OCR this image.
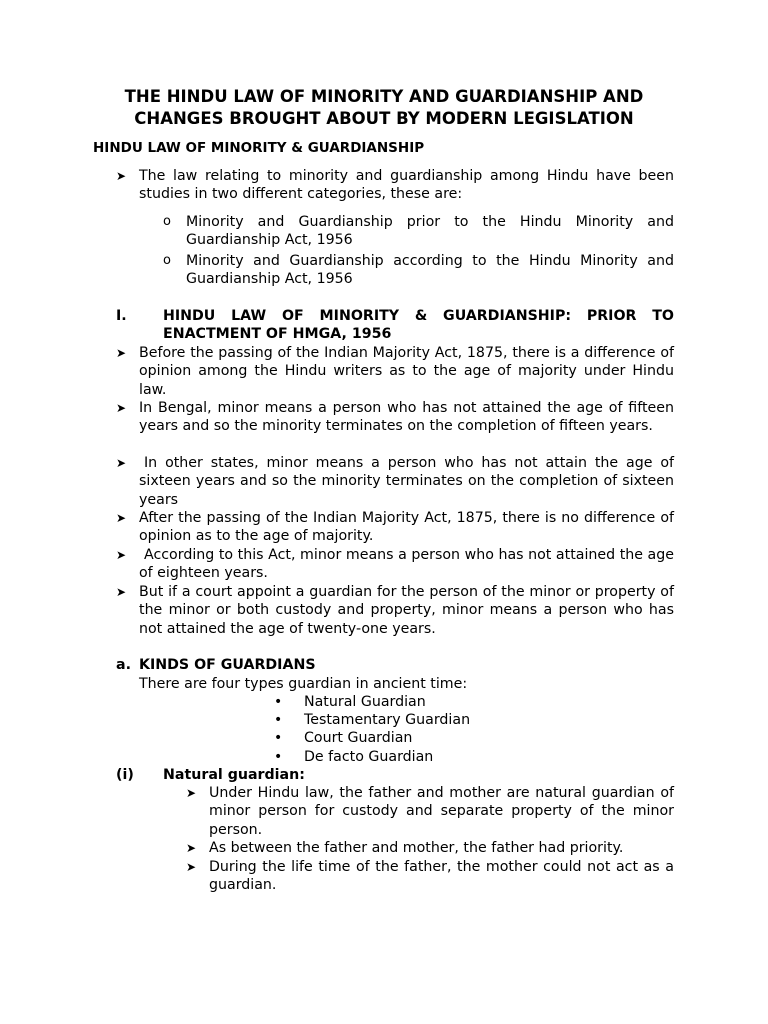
THE HINDU LAW OF MINORITY AND GUARDIANSHIP AND CHANGES BROUGHT ABOUT BY MODERN LEGISLATION
HINDU LAW OF MINORITY & GUARDIANSHIP
➤ The law relating to minority and guardianship among Hindu have been studies in two different categories, these are:
o Minority and Guardianship prior to the Hindu Minority and Guardianship Act, 1956
o Minority and Guardianship according to the Hindu Minority and Guardianship Act, 1956
I.	HINDU LAW OF MINORITY & GUARDIANSHIP: PRIOR TO ENACTMENT OF HMGA, 1956
➤ Before the passing of the Indian Majority Act, 1875, there is a difference of opinion among the Hindu writers as to the age of majority under Hindu law.
➤ In Bengal, minor means a person who has not attained the age of fifteen years and so the minority terminates on the completion of fifteen years.
➤	In other states, minor means a person who has not attain the age of sixteen years and so the minority terminates on the completion of sixteen years
➤ After the passing of the Indian Majority Act, 1875, there is no difference of opinion as to the age of majority.
➤	According to this Act, minor means a person who has not attained the age of eighteen years.
➤ But if a court appoint a guardian for the person of the minor or property of the minor or both custody and property, minor means a person who has not attained the age of twenty-one years.
a. KINDS OF GUARDIANS
There are four types guardian in ancient time:
• Natural Guardian
• Testamentary Guardian
• Court Guardian
• De facto Guardian
(i) Natural guardian:
➤ Under Hindu law, the father and mother are natural guardian of minor person for custody and separate property of the minor person.
➤ As between the father and mother, the father had priority.
➤ During the life time of the father, the mother could not act as a guardian.
